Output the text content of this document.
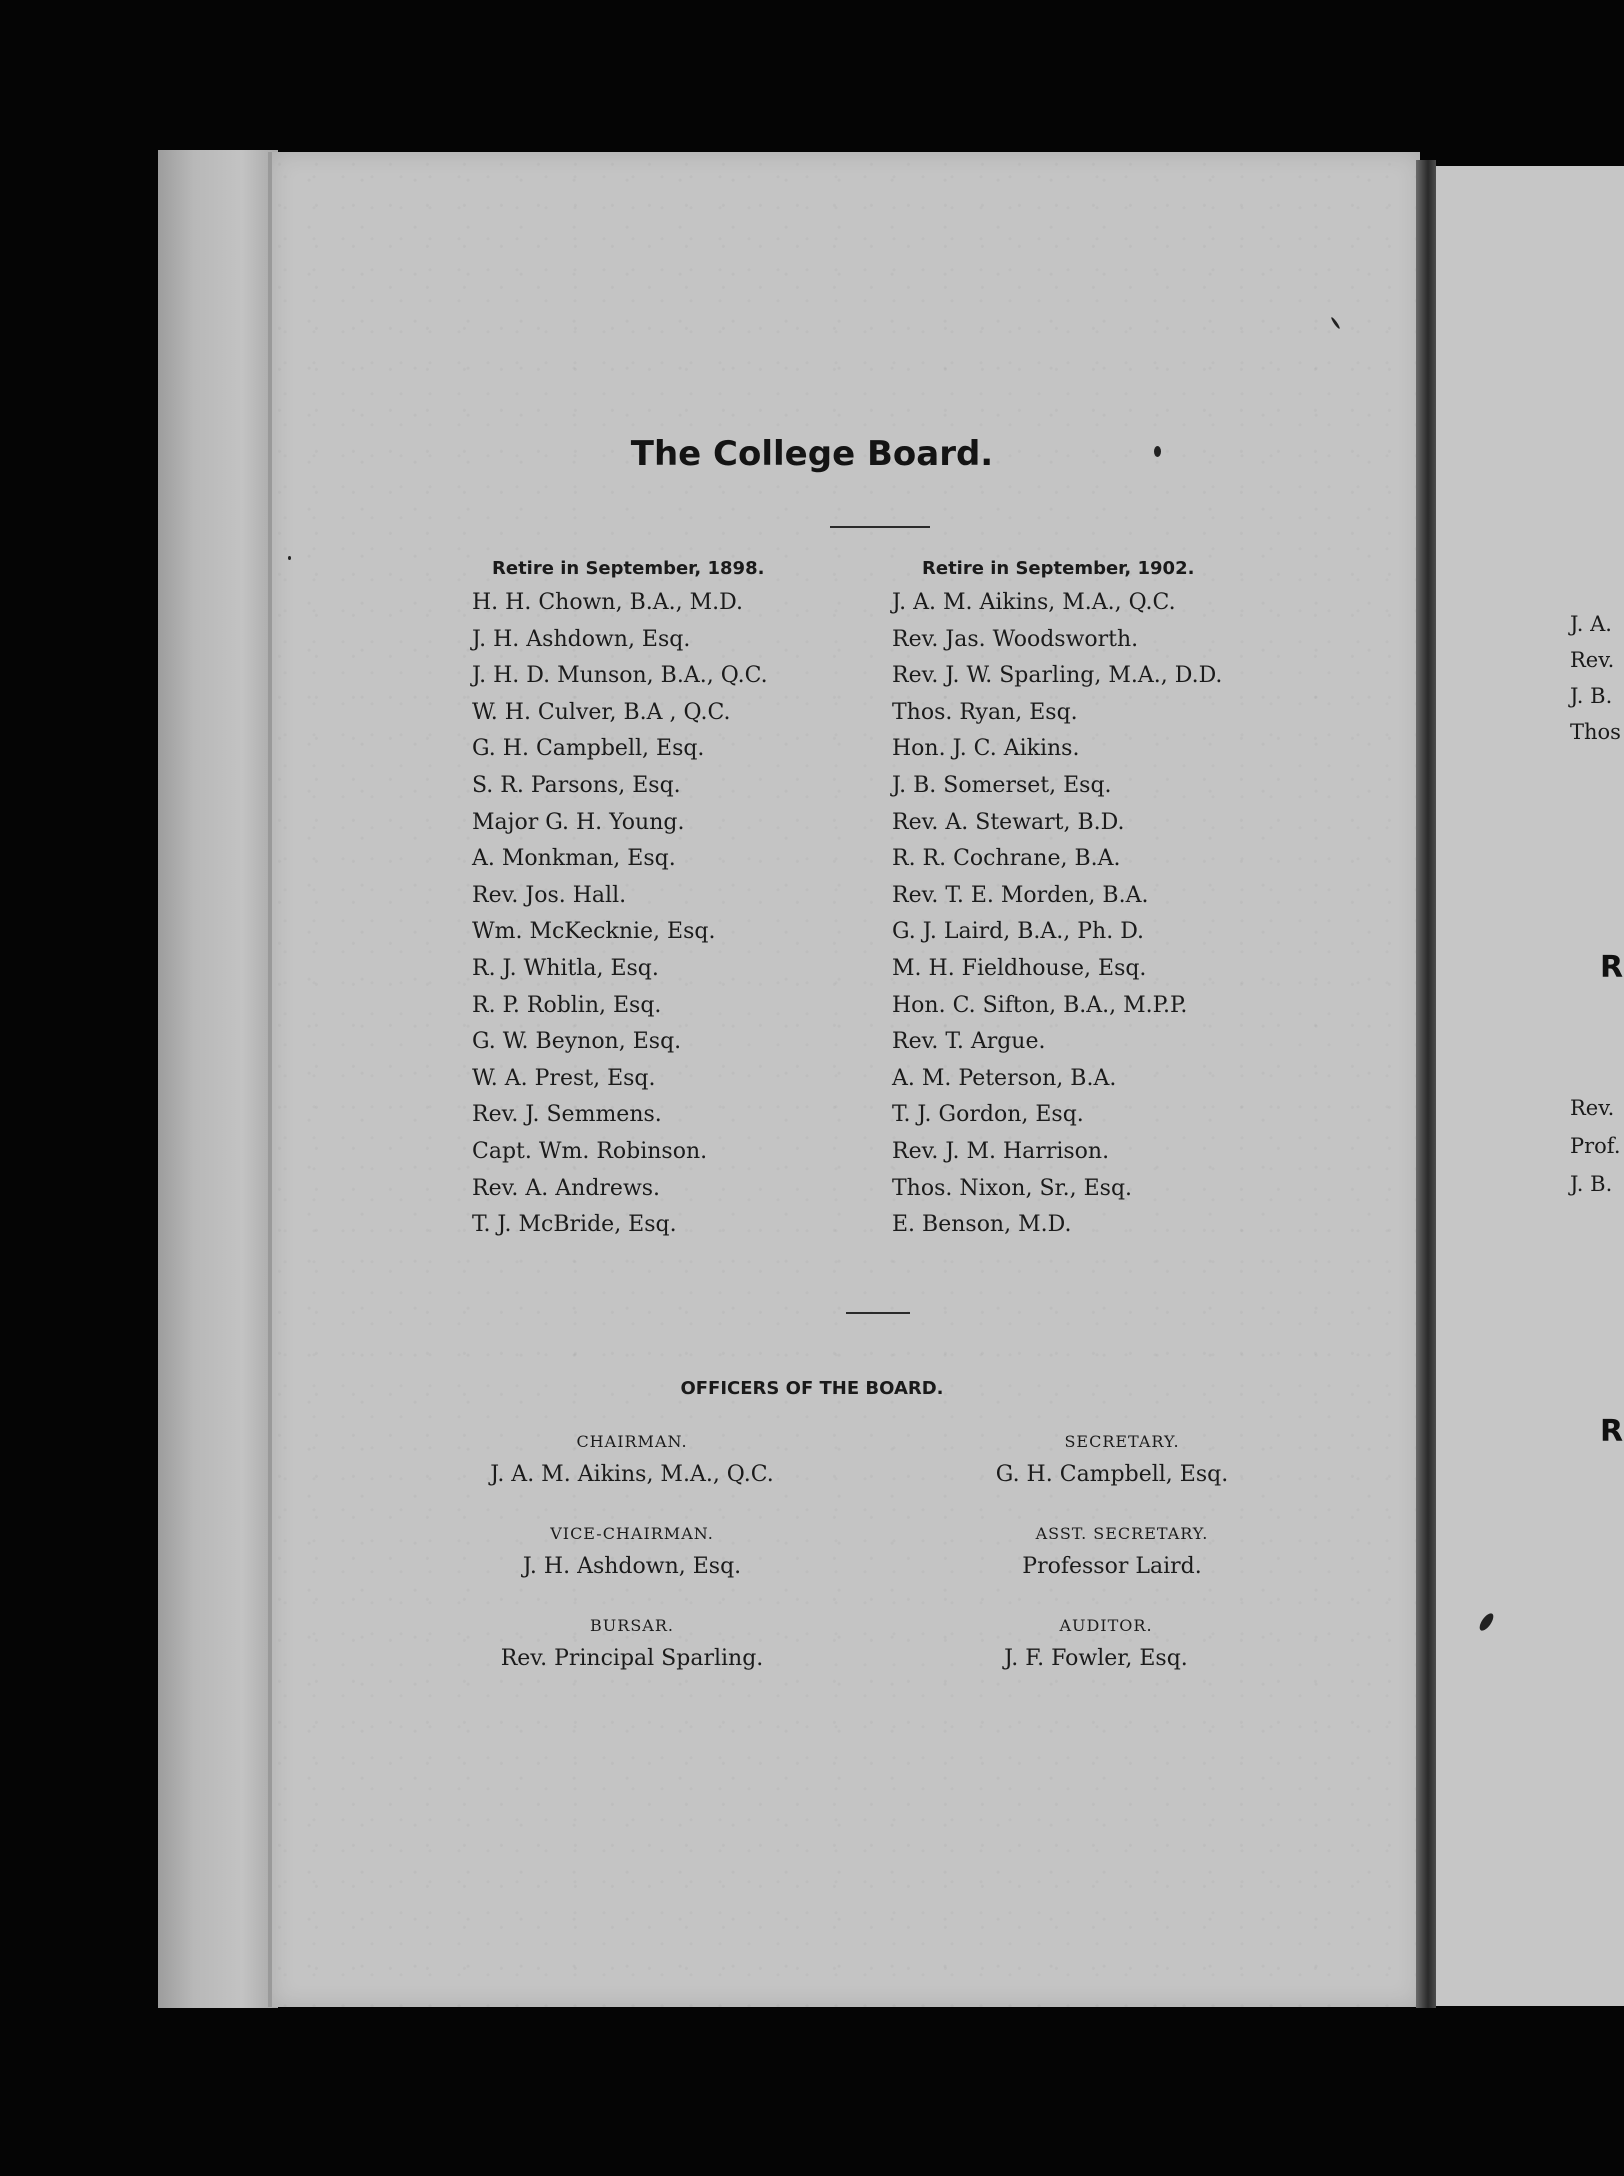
J. A.
Rev.
J. B.
Thos
R
Rev.
Prof.
J. B.
R
The College Board.
Retire in September, 1898.	Retire in September, 1902.
H. H. Chown, B.A., M.D.
J. H. Ashdown, Esq.
J. H. D. Munson, B.A., Q.C.
W. H. Culver, B.A , Q.C.
G. H. Campbell, Esq.
S. R. Parsons, Esq.
Major G. H. Young.
A. Monkman, Esq.
Rev. Jos. Hall.
Wm. McKecknie, Esq.
R. J. Whitla, Esq.
R. P. Roblin, Esq.
G. W. Beynon, Esq.
W. A. Prest, Esq.
Rev. J. Semmens.
Capt. Wm. Robinson.
Rev. A. Andrews.
T. J. McBride, Esq.
J. A. M. Aikins, M.A., Q.C.
Rev. Jas. Woodsworth.
Rev. J. W. Sparling, M.A., D.D.
Thos. Ryan, Esq.
Hon. J. C. Aikins.
J. B. Somerset, Esq.
Rev. A. Stewart, B.D.
R. R. Cochrane, B.A.
Rev. T. E. Morden, B.A.
G. J. Laird, B.A., Ph. D.
M. H. Fieldhouse, Esq.
Hon. C. Sifton, B.A., M.P.P.
Rev. T. Argue.
A. M. Peterson, B.A.
T. J. Gordon, Esq.
Rev. J. M. Harrison.
Thos. Nixon, Sr., Esq.
E. Benson, M.D.
OFFICERS OF THE BOARD.
CHAIRMAN.
J. A. M. Aikins, M.A., Q.C.
SECRETARY.
G. H. Campbell, Esq.
VICE-CHAIRMAN.
J. H. Ashdown, Esq.
ASST. SECRETARY.
Professor Laird.
BURSAR.
Rev. Principal Sparling.
AUDITOR.
J. F. Fowler, Esq.
